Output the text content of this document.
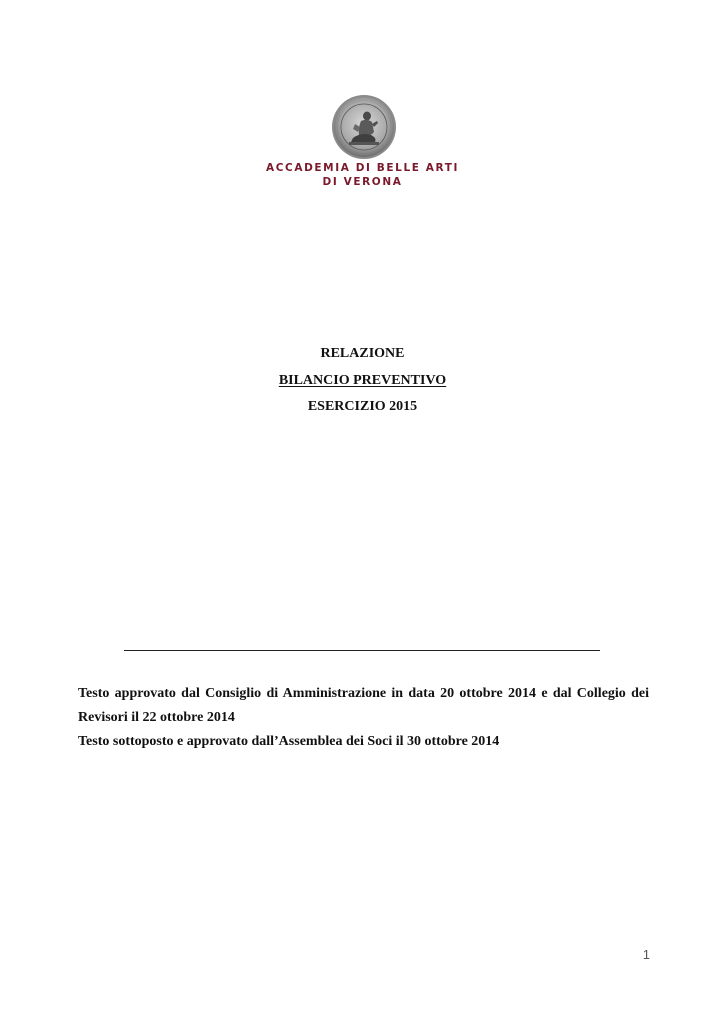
ACCADEMIA DI BELLE ARTI
DI VERONA
RELAZIONE
BILANCIO PREVENTIVO
ESERCIZIO 2015

Testo approvato dal Consiglio di Amministrazione in data 20 ottobre 2014 e dal Collegio dei

Revisori il 22 ottobre 2014

Testo sottoposto e approvato dall’Assemblea dei Soci il 30 ottobre 2014

1
